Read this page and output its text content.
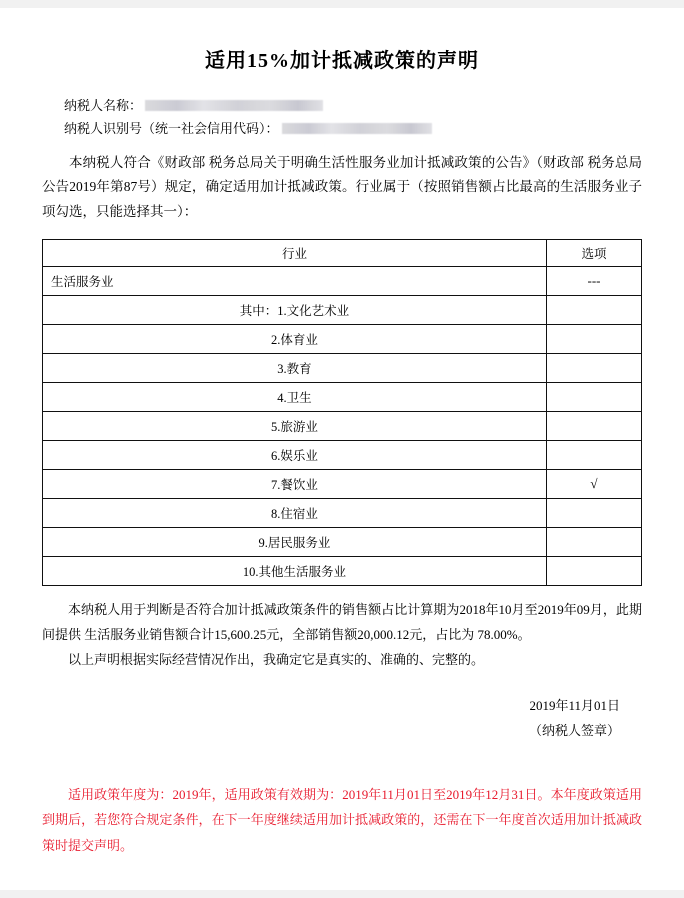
适用15%加计抵减政策的声明
纳税人名称：
纳税人识别号（统一社会信用代码）：

本纳税人符合《财政部 税务总局关于明确生活性服务业加计抵减政策的公告》（财政部 税务总局公告2019年第87号）规定，确定适用加计抵减政策。行业属于（按照销售额占比最高的生活服务业子项勾选，只能选择其一）：

行业	选项
生活服务业	---
其中：1.文化艺术业	
2.体育业	
3.教育	
4.卫生	
5.旅游业	
6.娱乐业	
7.餐饮业	√
8.住宿业	
9.居民服务业	
10.其他生活服务业	
本纳税人用于判断是否符合加计抵减政策条件的销售额占比计算期为2018年10月至2019年09月，此期间提供 生活服务业销售额合计15,600.25元，全部销售额20,000.12元，占比为 78.00%。
以上声明根据实际经营情况作出，我确定它是真实的、准确的、完整的。
2019年11月01日
（纳税人签章）
适用政策年度为：2019年，适用政策有效期为：2019年11月01日至2019年12月31日。本年度政策适用到期后，若您符合规定条件，在下一年度继续适用加计抵减政策的，还需在下一年度首次适用加计抵减政策时提交声明。
